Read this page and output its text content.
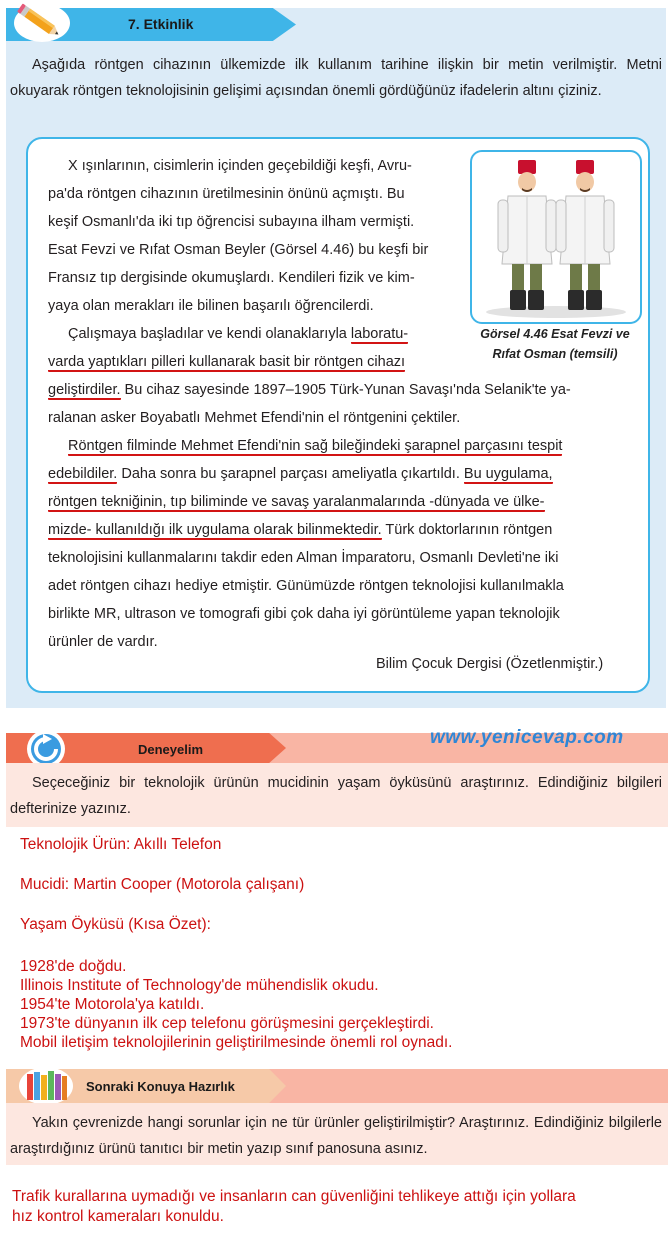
7. Etkinlik
Aşağıda röntgen cihazının ülkemizde ilk kullanım tarihine ilişkin bir metin verilmiştir. Metni okuyarak röntgen teknolojisinin gelişimi açısından önemli gördüğünüz ifadelerin altını çiziniz.
X ışınlarının, cisimlerin içinden geçebildiği keşfi, Avru-
pa'da röntgen cihazının üretilmesinin önünü açmıştı. Bu
keşif Osmanlı'da iki tıp öğrencisi subayına ilham vermişti.
Esat Fevzi ve Rıfat Osman Beyler (Görsel 4.46) bu keşfi bir
Fransız tıp dergisinde okumuşlardı. Kendileri fizik ve kim-
yaya olan merakları ile bilinen başarılı öğrencilerdi.
Çalışmaya başladılar ve kendi olanaklarıyla laboratu-
varda yaptıkları pilleri kullanarak basit bir röntgen cihazı
geliştirdiler. Bu cihaz sayesinde 1897–1905 Türk-Yunan Savaşı'nda Selanik'te ya-
ralanan asker Boyabatlı Mehmet Efendi'nin el röntgenini çektiler.
Röntgen filminde Mehmet Efendi'nin sağ bileğindeki şarapnel parçasını tespit
edebildiler. Daha sonra bu şarapnel parçası ameliyatla çıkartıldı. Bu uygulama,
röntgen tekniğinin, tıp biliminde ve savaş yaralanmalarında -dünyada ve ülke-
mizde- kullanıldığı ilk uygulama olarak bilinmektedir. Türk doktorlarının röntgen
teknolojisini kullanmalarını takdir eden Alman İmparatoru, Osmanlı Devleti'ne iki
adet röntgen cihazı hediye etmiştir. Günümüzde röntgen teknolojisi kullanılmakla
birlikte MR, ultrason ve tomografi gibi çok daha iyi görüntüleme yapan teknolojik
ürünler de vardır.
Bilim Çocuk Dergisi (Özetlenmiştir.)
Görsel 4.46 Esat Fevzi ve
Rıfat Osman (temsili)
Deneyelim
www.yenicevap.com
Seçeceğiniz bir teknolojik ürünün mucidinin yaşam öyküsünü araştırınız. Edindiğiniz bilgileri defterinize yazınız.
Teknolojik Ürün: Akıllı Telefon
Mucidi: Martin Cooper (Motorola çalışanı)
Yaşam Öyküsü (Kısa Özet):
1928'de doğdu.
Illinois Institute of Technology'de mühendislik okudu.
1954'te Motorola'ya katıldı.
1973'te dünyanın ilk cep telefonu görüşmesini gerçekleştirdi.
Mobil iletişim teknolojilerinin geliştirilmesinde önemli rol oynadı.
Sonraki Konuya Hazırlık
Yakın çevrenizde hangi sorunlar için ne tür ürünler geliştirilmiştir? Araştırınız. Edindiğiniz bilgilerle araştırdığınız ürünü tanıtıcı bir metin yazıp sınıf panosuna asınız.
Trafik kurallarına uymadığı ve insanların can güvenliğini tehlikeye attığı için yollara
hız kontrol kameraları konuldu.
